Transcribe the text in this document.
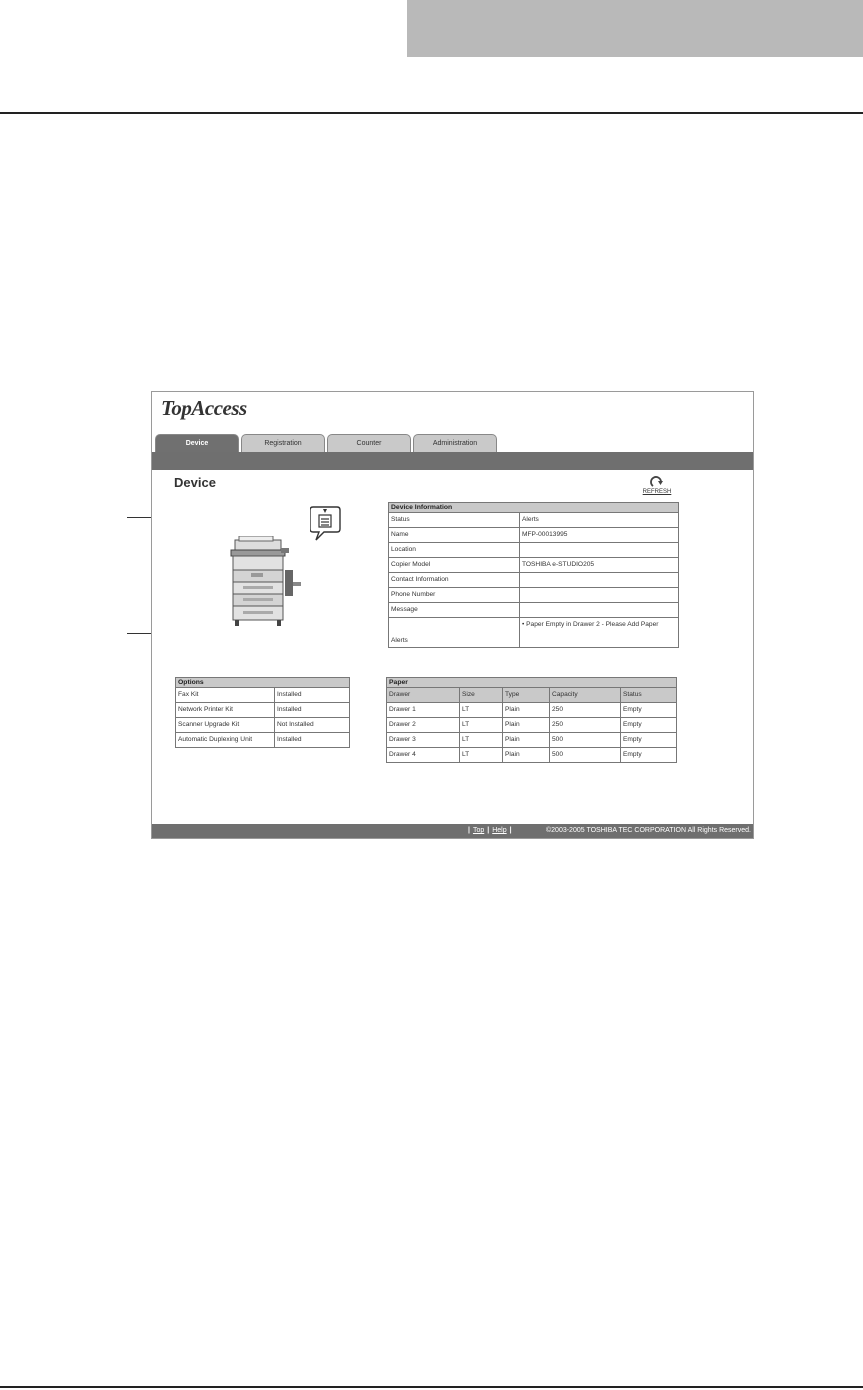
TopAccess
Device	Registration	Counter	Administration
Device
REFRESH
Device Information	
Status	Alerts
Name	MFP-00013995
Location	
Copier Model	TOSHIBA e-STUDIO205
Contact Information	
Phone Number	
Message	
Alerts	• Paper Empty in Drawer 2 - Please Add Paper
Options	
Fax Kit	Installed
Network Printer Kit	Installed
Scanner Upgrade Kit	Not Installed
Automatic Duplexing Unit	Installed
Paper				
Drawer	Size	Type	Capacity	Status
Drawer 1	LT	Plain	250	Empty
Drawer 2	LT	Plain	250	Empty
Drawer 3	LT	Plain	500	Empty
Drawer 4	LT	Plain	500	Empty
| Top | Help |	©2003-2005 TOSHIBA TEC CORPORATION All Rights Reserved.
